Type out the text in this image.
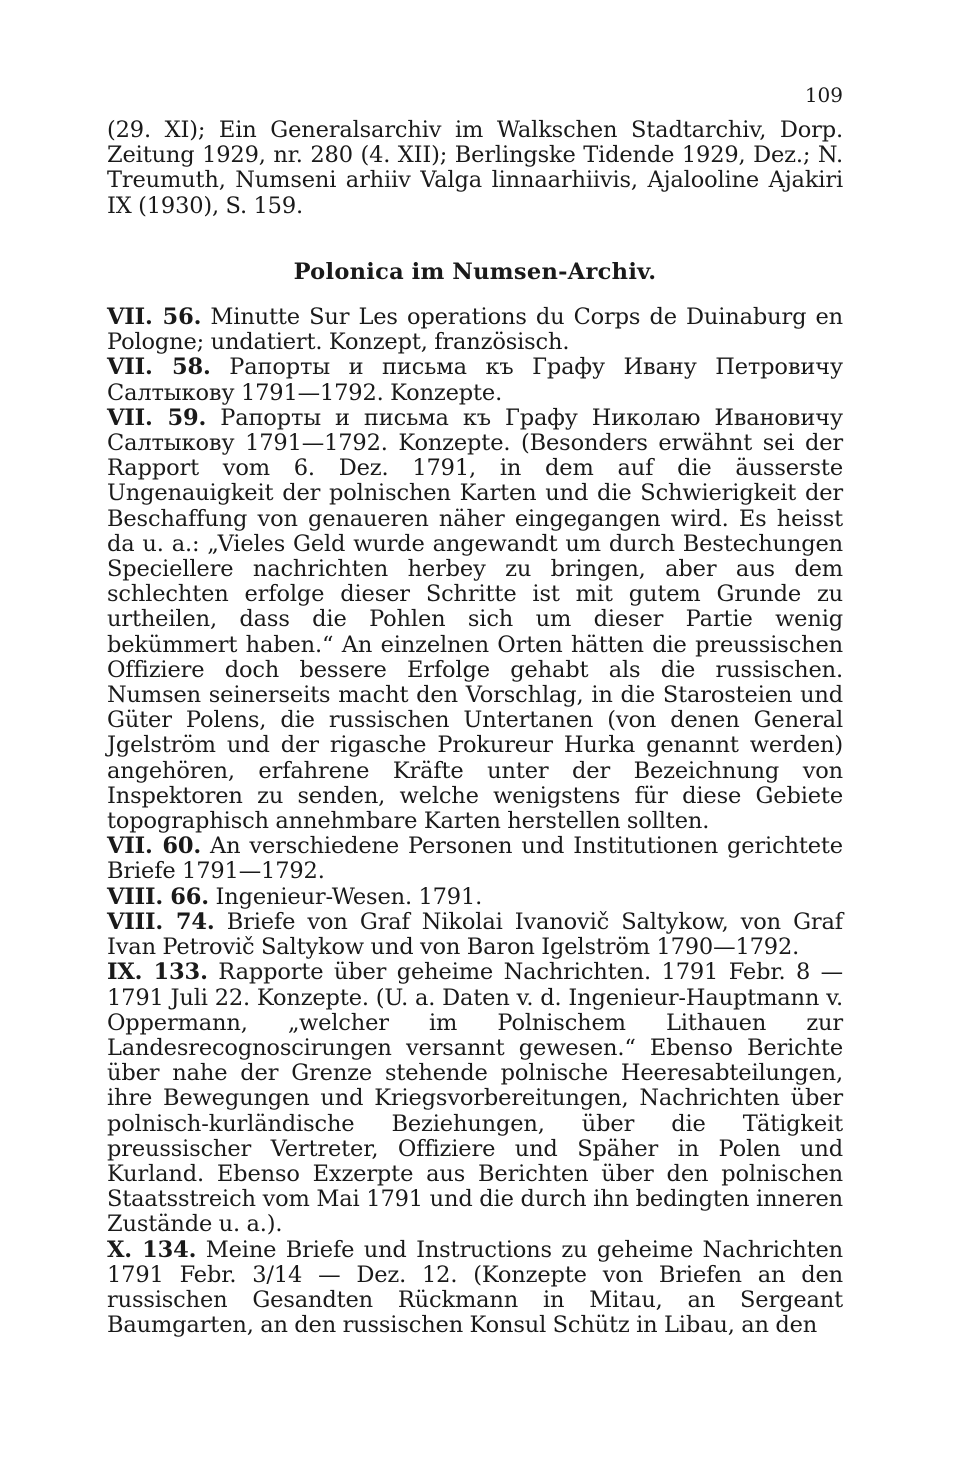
109

(29. XI); Ein Generalsarchiv im Walkschen Stadtarchiv, Dorp. Zeitung 1929, nr. 280 (4. XII); Berlingske Tidende 1929, Dez.; N. Treumuth, Numseni arhiiv Valga linnaarhiivis, Ajalooline Ajakiri IX (1930), S. 159.

Polonica im Numsen-Archiv.

VII. 56. Minutte Sur Les operations du Corps de Duinaburg en Pologne; undatiert. Konzept, französisch.

VII. 58. Рапорты и письма къ Графу Ивану Петровичу Салтыкову 1791—1792. Konzepte.

VII. 59. Рапорты и письма къ Графу Николаю Ивановичу Салтыкову 1791—1792. Konzepte. (Besonders erwähnt sei der Rapport vom 6. Dez. 1791, in dem auf die äusserste Ungenauigkeit der polnischen Karten und die Schwierigkeit der Beschaffung von genaueren näher eingegangen wird. Es heisst da u. a.: „Vieles Geld wurde angewandt um durch Bestechungen Speciellere nachrichten herbey zu bringen, aber aus dem schlechten erfolge dieser Schritte ist mit gutem Grunde zu urtheilen, dass die Pohlen sich um dieser Partie wenig bekümmert haben.“ An einzelnen Orten hätten die preussischen Offiziere doch bessere Erfolge gehabt als die russischen. Numsen seinerseits macht den Vorschlag, in die Starosteien und Güter Polens, die russischen Untertanen (von denen General Jgelström und der rigasche Prokureur Hurka genannt werden) angehören, erfahrene Kräfte unter der Bezeichnung von Inspektoren zu senden, welche wenigstens für diese Gebiete topographisch annehmbare Karten herstellen sollten.

VII. 60. An verschiedene Personen und Institutionen gerichtete Briefe 1791—1792.

VIII. 66. Ingenieur-Wesen. 1791.

VIII. 74. Briefe von Graf Nikolai Ivanovič Saltykow, von Graf Ivan Petrovič Saltykow und von Baron Igelström 1790—1792.

IX. 133. Rapporte über geheime Nachrichten. 1791 Febr. 8 — 1791 Juli 22. Konzepte. (U. a. Daten v. d. Ingenieur-Hauptmann v. Oppermann, „welcher im Polnischem Lithauen zur Landesrecognoscirungen versannt gewesen.“ Ebenso Berichte über nahe der Grenze stehende polnische Heeresabteilungen, ihre Bewegungen und Kriegsvorbereitungen, Nachrichten über polnisch-kurländische Beziehungen, über die Tätigkeit preussischer Vertreter, Offiziere und Späher in Polen und Kurland. Ebenso Exzerpte aus Berichten über den polnischen Staatsstreich vom Mai 1791 und die durch ihn bedingten inneren Zustände u. a.).

X. 134. Meine Briefe und Instructions zu geheime Nachrichten 1791 Febr. 3/14 — Dez. 12. (Konzepte von Briefen an den russischen Gesandten Rückmann in Mitau, an Sergeant Baumgarten, an den russischen Konsul Schütz in Libau, an den
